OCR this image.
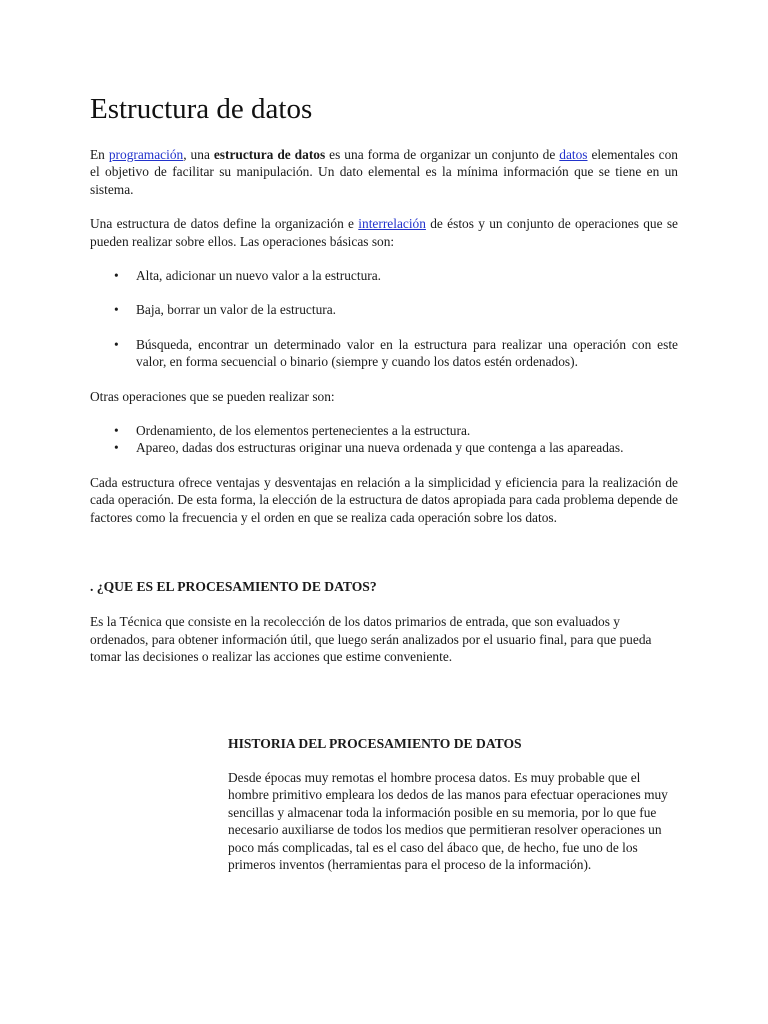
Estructura de datos

En programación, una estructura de datos es una forma de organizar un conjunto de datos elementales con el objetivo de facilitar su manipulación. Un dato elemental es la mínima información que se tiene en un sistema.

Una estructura de datos define la organización e interrelación de éstos y un conjunto de operaciones que se pueden realizar sobre ellos. Las operaciones básicas son:

• Alta, adicionar un nuevo valor a la estructura.
• Baja, borrar un valor de la estructura.
• Búsqueda, encontrar un determinado valor en la estructura para realizar una operación con este valor, en forma secuencial o binario (siempre y cuando los datos estén ordenados).

Otras operaciones que se pueden realizar son:

• Ordenamiento, de los elementos pertenecientes a la estructura.
• Apareo, dadas dos estructuras originar una nueva ordenada y que contenga a las apareadas.

Cada estructura ofrece ventajas y desventajas en relación a la simplicidad y eficiencia para la realización de cada operación. De esta forma, la elección de la estructura de datos apropiada para cada problema depende de factores como la frecuencia y el orden en que se realiza cada operación sobre los datos.

. ¿QUE ES EL PROCESAMIENTO DE DATOS?

Es la Técnica que consiste en la recolección de los datos primarios de entrada, que son evaluados y ordenados, para obtener información útil, que luego serán analizados por el usuario final, para que pueda tomar las decisiones o realizar las acciones que estime conveniente.

HISTORIA DEL PROCESAMIENTO DE DATOS

Desde épocas muy remotas el hombre procesa datos. Es muy probable que el hombre primitivo empleara los dedos de las manos para efectuar operaciones muy sencillas y almacenar toda la información posible en su memoria, por lo que fue necesario auxiliarse de todos los medios que permitieran resolver operaciones un poco más complicadas, tal es el caso del ábaco que, de hecho, fue uno de los primeros inventos (herramientas para el proceso de la información).
